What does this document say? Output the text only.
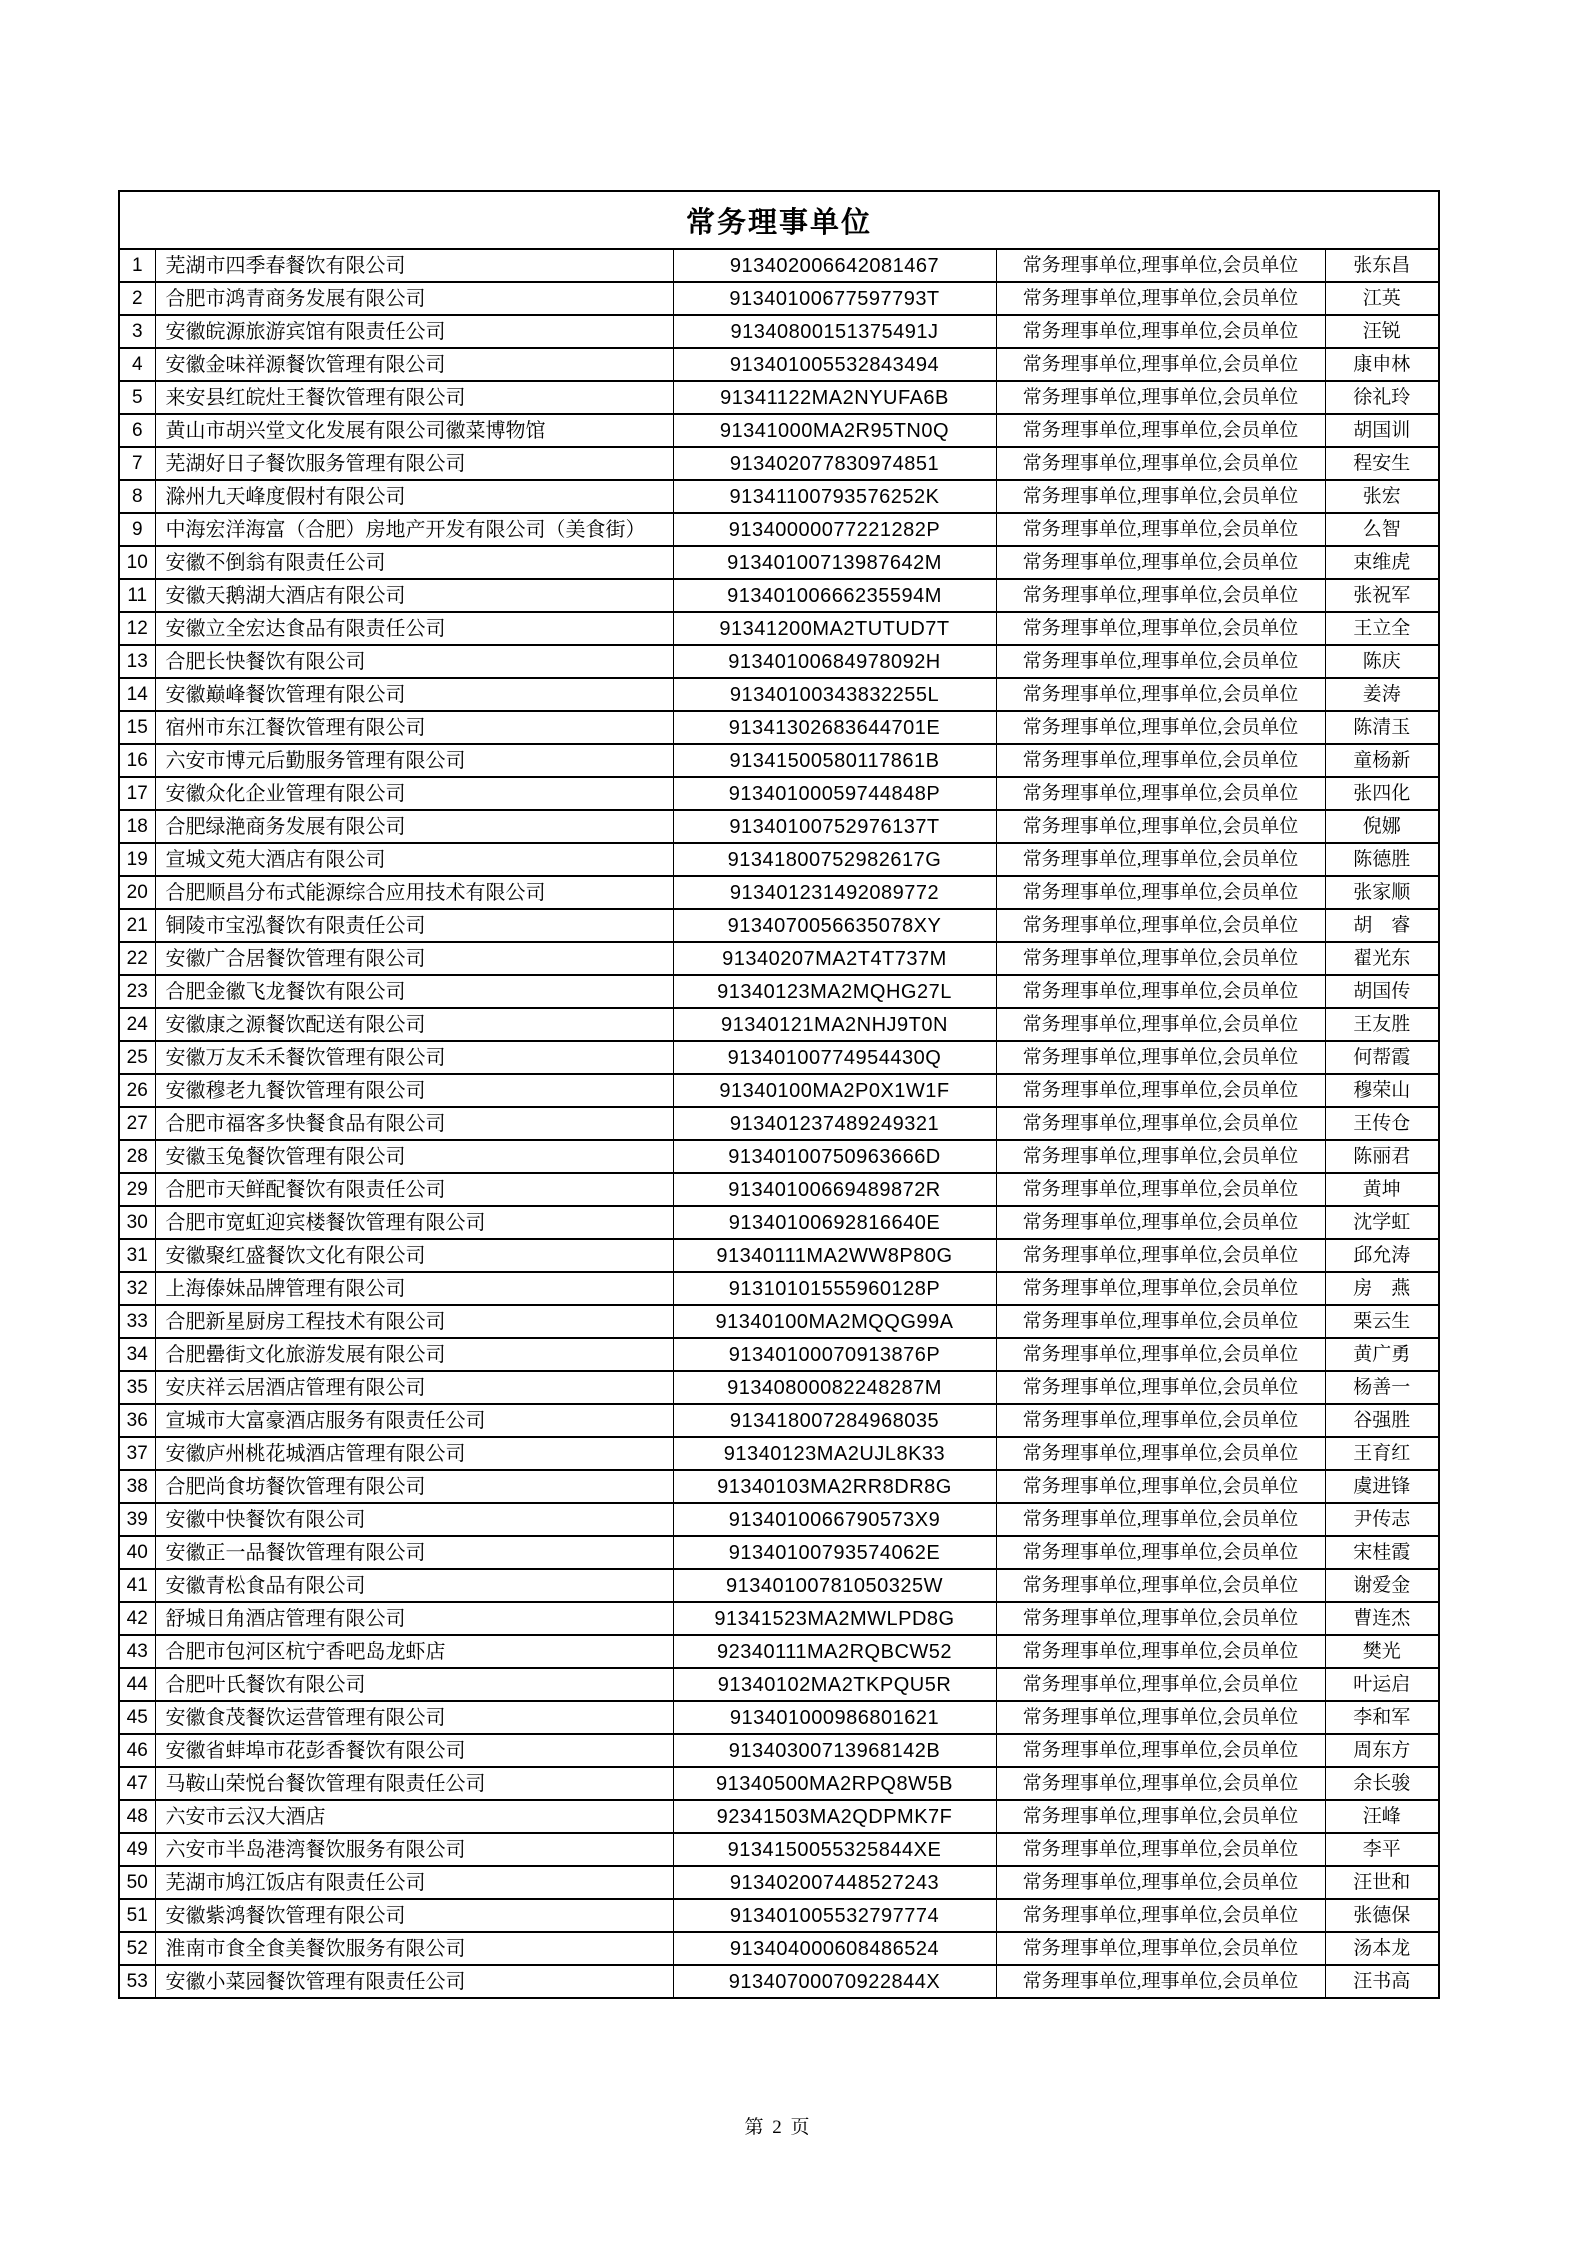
常务理事单位				
1	芜湖市四季春餐饮有限公司	913402006642081467	常务理事单位,理事单位,会员单位	张东昌
2	合肥市鸿青商务发展有限公司	91340100677597793T	常务理事单位,理事单位,会员单位	江英
3	安徽皖源旅游宾馆有限责任公司	91340800151375491J	常务理事单位,理事单位,会员单位	汪锐
4	安徽金味祥源餐饮管理有限公司	913401005532843494	常务理事单位,理事单位,会员单位	康申林
5	来安县红皖灶王餐饮管理有限公司	91341122MA2NYUFA6B	常务理事单位,理事单位,会员单位	徐礼玲
6	黄山市胡兴堂文化发展有限公司徽菜博物馆	91341000MA2R95TN0Q	常务理事单位,理事单位,会员单位	胡国训
7	芜湖好日子餐饮服务管理有限公司	913402077830974851	常务理事单位,理事单位,会员单位	程安生
8	滁州九天峰度假村有限公司	91341100793576252K	常务理事单位,理事单位,会员单位	张宏
9	中海宏洋海富（合肥）房地产开发有限公司（美食街）	91340000077221282P	常务理事单位,理事单位,会员单位	么智
10	安徽不倒翁有限责任公司	91340100713987642M	常务理事单位,理事单位,会员单位	束维虎
11	安徽天鹅湖大酒店有限公司	91340100666235594M	常务理事单位,理事单位,会员单位	张祝军
12	安徽立全宏达食品有限责任公司	91341200MA2TUTUD7T	常务理事单位,理事单位,会员单位	王立全
13	合肥长快餐饮有限公司	91340100684978092H	常务理事单位,理事单位,会员单位	陈庆
14	安徽巅峰餐饮管理有限公司	91340100343832255L	常务理事单位,理事单位,会员单位	姜涛
15	宿州市东江餐饮管理有限公司	91341302683644701E	常务理事单位,理事单位,会员单位	陈清玉
16	六安市博元后勤服务管理有限公司	91341500580117861B	常务理事单位,理事单位,会员单位	童杨新
17	安徽众化企业管理有限公司	91340100059744848P	常务理事单位,理事单位,会员单位	张四化
18	合肥绿滟商务发展有限公司	91340100752976137T	常务理事单位,理事单位,会员单位	倪娜
19	宣城文苑大酒店有限公司	91341800752982617G	常务理事单位,理事单位,会员单位	陈德胜
20	合肥顺昌分布式能源综合应用技术有限公司	913401231492089772	常务理事单位,理事单位,会员单位	张家顺
21	铜陵市宝泓餐饮有限责任公司	9134070056635078XY	常务理事单位,理事单位,会员单位	胡　睿
22	安徽广合居餐饮管理有限公司	91340207MA2T4T737M	常务理事单位,理事单位,会员单位	翟光东
23	合肥金徽飞龙餐饮有限公司	91340123MA2MQHG27L	常务理事单位,理事单位,会员单位	胡国传
24	安徽康之源餐饮配送有限公司	91340121MA2NHJ9T0N	常务理事单位,理事单位,会员单位	王友胜
25	安徽万友禾禾餐饮管理有限公司	91340100774954430Q	常务理事单位,理事单位,会员单位	何帮霞
26	安徽穆老九餐饮管理有限公司	91340100MA2P0X1W1F	常务理事单位,理事单位,会员单位	穆荣山
27	合肥市福客多快餐食品有限公司	913401237489249321	常务理事单位,理事单位,会员单位	王传仓
28	安徽玉兔餐饮管理有限公司	91340100750963666D	常务理事单位,理事单位,会员单位	陈丽君
29	合肥市天鲜配餐饮有限责任公司	91340100669489872R	常务理事单位,理事单位,会员单位	黄坤
30	合肥市宽虹迎宾楼餐饮管理有限公司	91340100692816640E	常务理事单位,理事单位,会员单位	沈学虹
31	安徽聚红盛餐饮文化有限公司	91340111MA2WW8P80G	常务理事单位,理事单位,会员单位	邱允涛
32	上海傣妹品牌管理有限公司	91310101555960128P	常务理事单位,理事单位,会员单位	房　燕
33	合肥新星厨房工程技术有限公司	91340100MA2MQQG99A	常务理事单位,理事单位,会员单位	栗云生
34	合肥罍街文化旅游发展有限公司	91340100070913876P	常务理事单位,理事单位,会员单位	黄广勇
35	安庆祥云居酒店管理有限公司	91340800082248287M	常务理事单位,理事单位,会员单位	杨善一
36	宣城市大富豪酒店服务有限责任公司	913418007284968035	常务理事单位,理事单位,会员单位	谷强胜
37	安徽庐州桃花城酒店管理有限公司	91340123MA2UJL8K33	常务理事单位,理事单位,会员单位	王育红
38	合肥尚食坊餐饮管理有限公司	91340103MA2RR8DR8G	常务理事单位,理事单位,会员单位	虞进锋
39	安徽中快餐饮有限公司	9134010066790573X9	常务理事单位,理事单位,会员单位	尹传志
40	安徽正一品餐饮管理有限公司	91340100793574062E	常务理事单位,理事单位,会员单位	宋桂霞
41	安徽青松食品有限公司	91340100781050325W	常务理事单位,理事单位,会员单位	谢爱金
42	舒城日角酒店管理有限公司	91341523MA2MWLPD8G	常务理事单位,理事单位,会员单位	曹连杰
43	合肥市包河区杭宁香吧岛龙虾店	92340111MA2RQBCW52	常务理事单位,理事单位,会员单位	樊光
44	合肥叶氏餐饮有限公司	91340102MA2TKPQU5R	常务理事单位,理事单位,会员单位	叶运启
45	安徽食茂餐饮运营管理有限公司	913401000986801621	常务理事单位,理事单位,会员单位	李和军
46	安徽省蚌埠市花彭香餐饮有限公司	91340300713968142B	常务理事单位,理事单位,会员单位	周东方
47	马鞍山荣悦台餐饮管理有限责任公司	91340500MA2RPQ8W5B	常务理事单位,理事单位,会员单位	余长骏
48	六安市云汉大酒店	92341503MA2QDPMK7F	常务理事单位,理事单位,会员单位	汪峰
49	六安市半岛港湾餐饮服务有限公司	9134150055325844XE	常务理事单位,理事单位,会员单位	李平
50	芜湖市鸠江饭店有限责任公司	913402007448527243	常务理事单位,理事单位,会员单位	汪世和
51	安徽紫鸿餐饮管理有限公司	913401005532797774	常务理事单位,理事单位,会员单位	张德保
52	淮南市食全食美餐饮服务有限公司	913404000608486524	常务理事单位,理事单位,会员单位	汤本龙
53	安徽小菜园餐饮管理有限责任公司	91340700070922844X	常务理事单位,理事单位,会员单位	汪书高
第 2 页
